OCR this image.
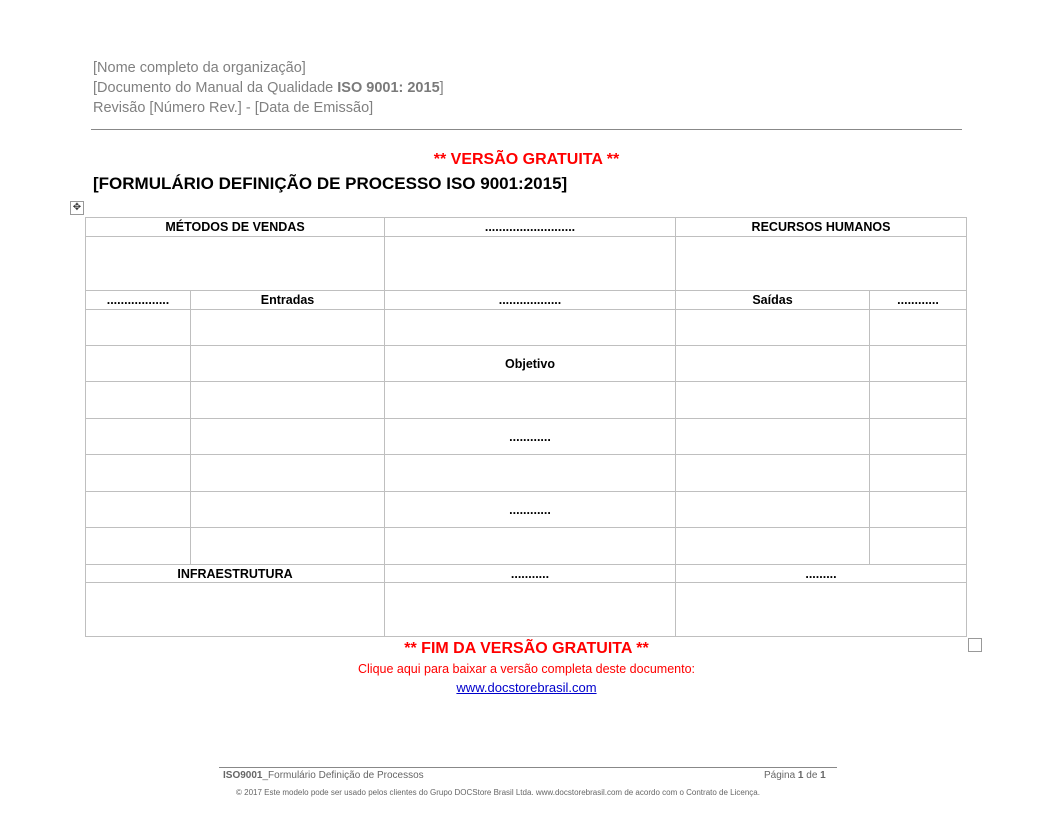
[Nome completo da organização]
[Documento do Manual da Qualidade ISO 9001: 2015]
Revisão [Número Rev.] - [Data de Emissão]
** VERSÃO GRATUITA **
[FORMULÁRIO DEFINIÇÃO DE PROCESSO ISO 9001:2015]
✥
MÉTODOS DE VENDAS		..........................	RECURSOS HUMANOS	

..................	Entradas	..................	Saídas	............

		Objetivo		

		............		

		............		

INFRAESTRUTURA		...........	.........	

** FIM DA VERSÃO GRATUITA **
Clique aqui para baixar a versão completa deste documento:
www.docstorebrasil.com
ISO9001_Formulário Definição de Processos	Página 1 de 1
© 2017 Este modelo pode ser usado pelos clientes do Grupo DOCStore Brasil Ltda. www.docstorebrasil.com de acordo com o Contrato de Licença.
